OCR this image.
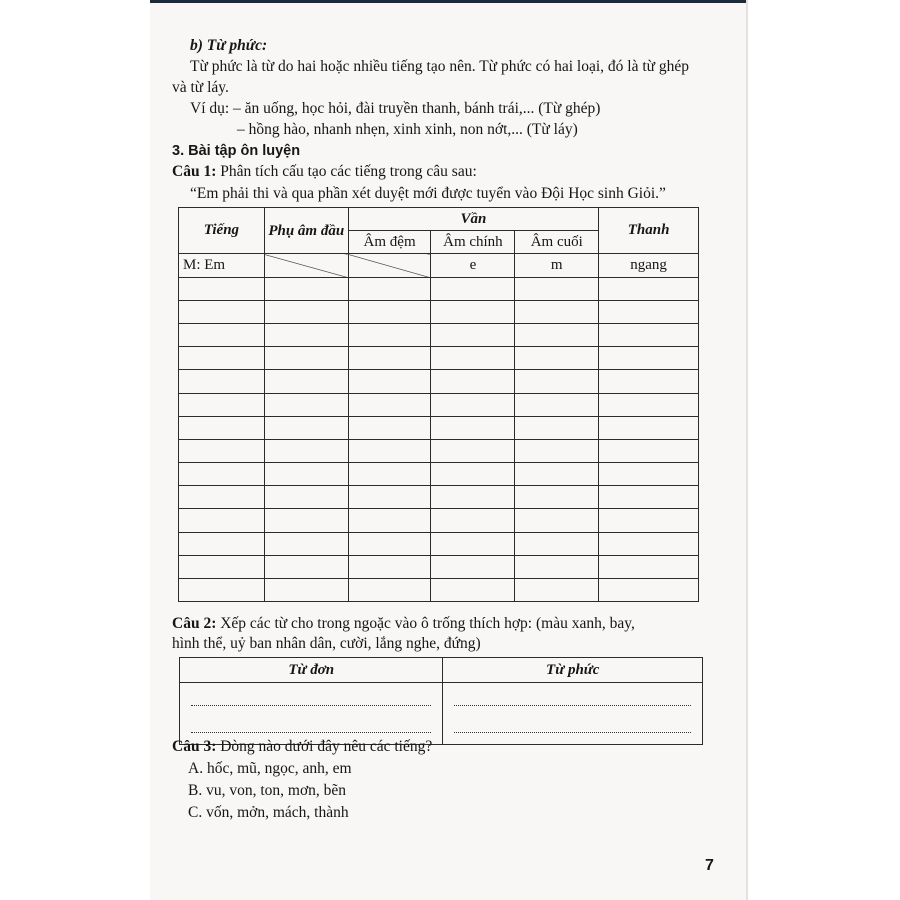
b) Từ phức:
Từ phức là từ do hai hoặc nhiều tiếng tạo nên. Từ phức có hai loại, đó là từ ghép
và từ láy.
Ví dụ: – ăn uống, học hỏi, đài truyền thanh, bánh trái,... (Từ ghép)
– hồng hào, nhanh nhẹn, xinh xinh, non nớt,... (Từ láy)
3. Bài tập ôn luyện
Câu 1: Phân tích cấu tạo các tiếng trong câu sau:
“Em phải thi và qua phần xét duyệt mới được tuyển vào Đội Học sinh Giỏi.”
Tiếng	Phụ âm đầu	Vần			Thanh
		Âm đệm	Âm chính	Âm cuối	
M: Em			e	m	ngang

Câu 2: Xếp các từ cho trong ngoặc vào ô trống thích hợp: (màu xanh, bay,
hình thể, uỷ ban nhân dân, cười, lắng nghe, đứng)
Từ đơn	Từ phức

Câu 3: Dòng nào dưới đây nêu các tiếng?
A. hốc, mũ, ngọc, anh, em
B. vu, von, ton, mơn, bẽn
C. vốn, mởn, mách, thành
7
